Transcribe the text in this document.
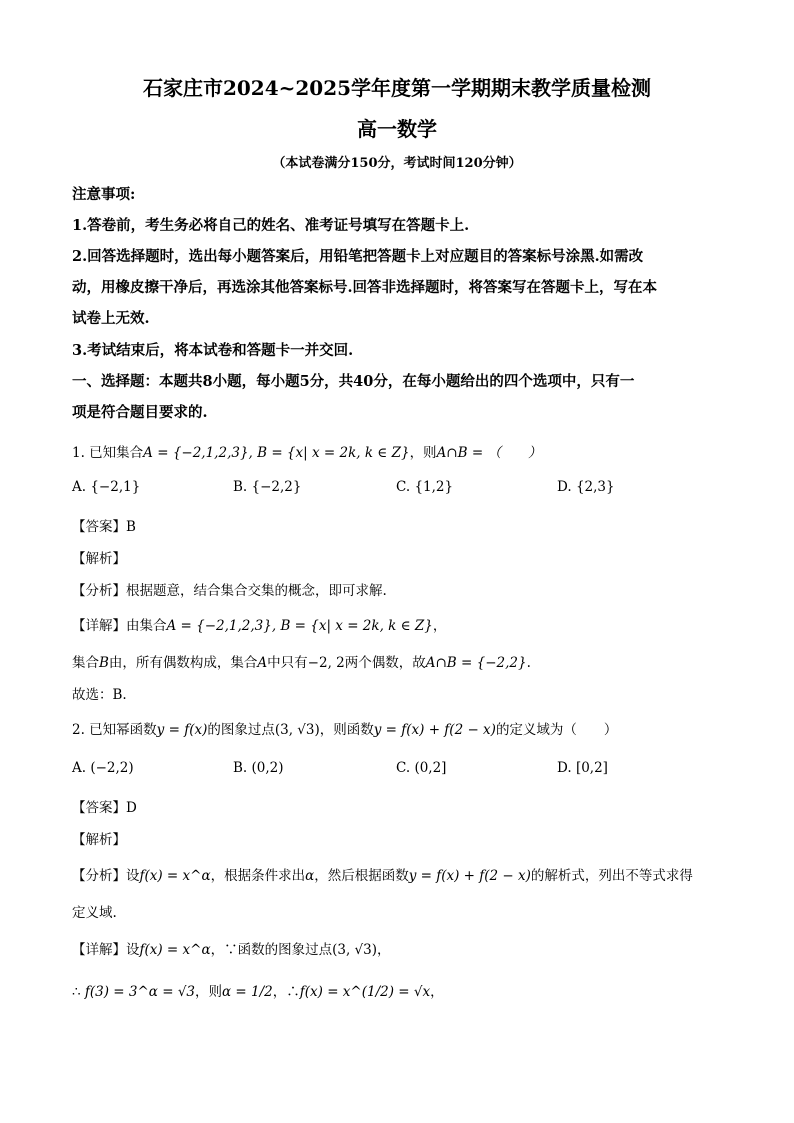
石家庄市2024~2025学年度第一学期期末教学质量检测
高一数学
（本试卷满分150分，考试时间120分钟）
注意事项:
1.答卷前，考生务必将自己的姓名、准考证号填写在答题卡上.
2.回答选择题时，选出每小题答案后，用铅笔把答题卡上对应题目的答案标号涂黑.如需改
动，用橡皮擦干净后，再选涂其他答案标号.回答非选择题时，将答案写在答题卡上，写在本
试卷上无效.
3.考试结束后，将本试卷和答题卡一并交回.
一、选择题：本题共8小题，每小题5分，共40分，在每小题给出的四个选项中，只有一
项是符合题目要求的.
1. 已知集合A = {−2,1,2,3}, B = {x| x = 2k, k ∈ Z}，则A∩B = （　　）
A. {−2,1}	B. {−2,2}	C. {1,2}	D. {2,3}
【答案】B
【解析】
【分析】根据题意，结合集合交集的概念，即可求解.
【详解】由集合A = {−2,1,2,3}, B = {x| x = 2k, k ∈ Z}，
集合B由，所有偶数构成，集合A中只有−2, 2两个偶数，故A∩B = {−2,2}.
故选：B.
2. 已知幂函数y = f(x)的图象过点(3, √3)，则函数y = f(x) + f(2 − x)的定义域为（　　）
A. (−2,2)	B. (0,2)	C. (0,2]	D. [0,2]
【答案】D
【解析】
【分析】设f(x) = x^α，根据条件求出α，然后根据函数y = f(x) + f(2 − x)的解析式，列出不等式求得
定义域.
【详解】设f(x) = x^α，∵函数的图象过点(3, √3)，
∴ f(3) = 3^α = √3，则α = 1/2，∴f(x) = x^(1/2) = √x，
